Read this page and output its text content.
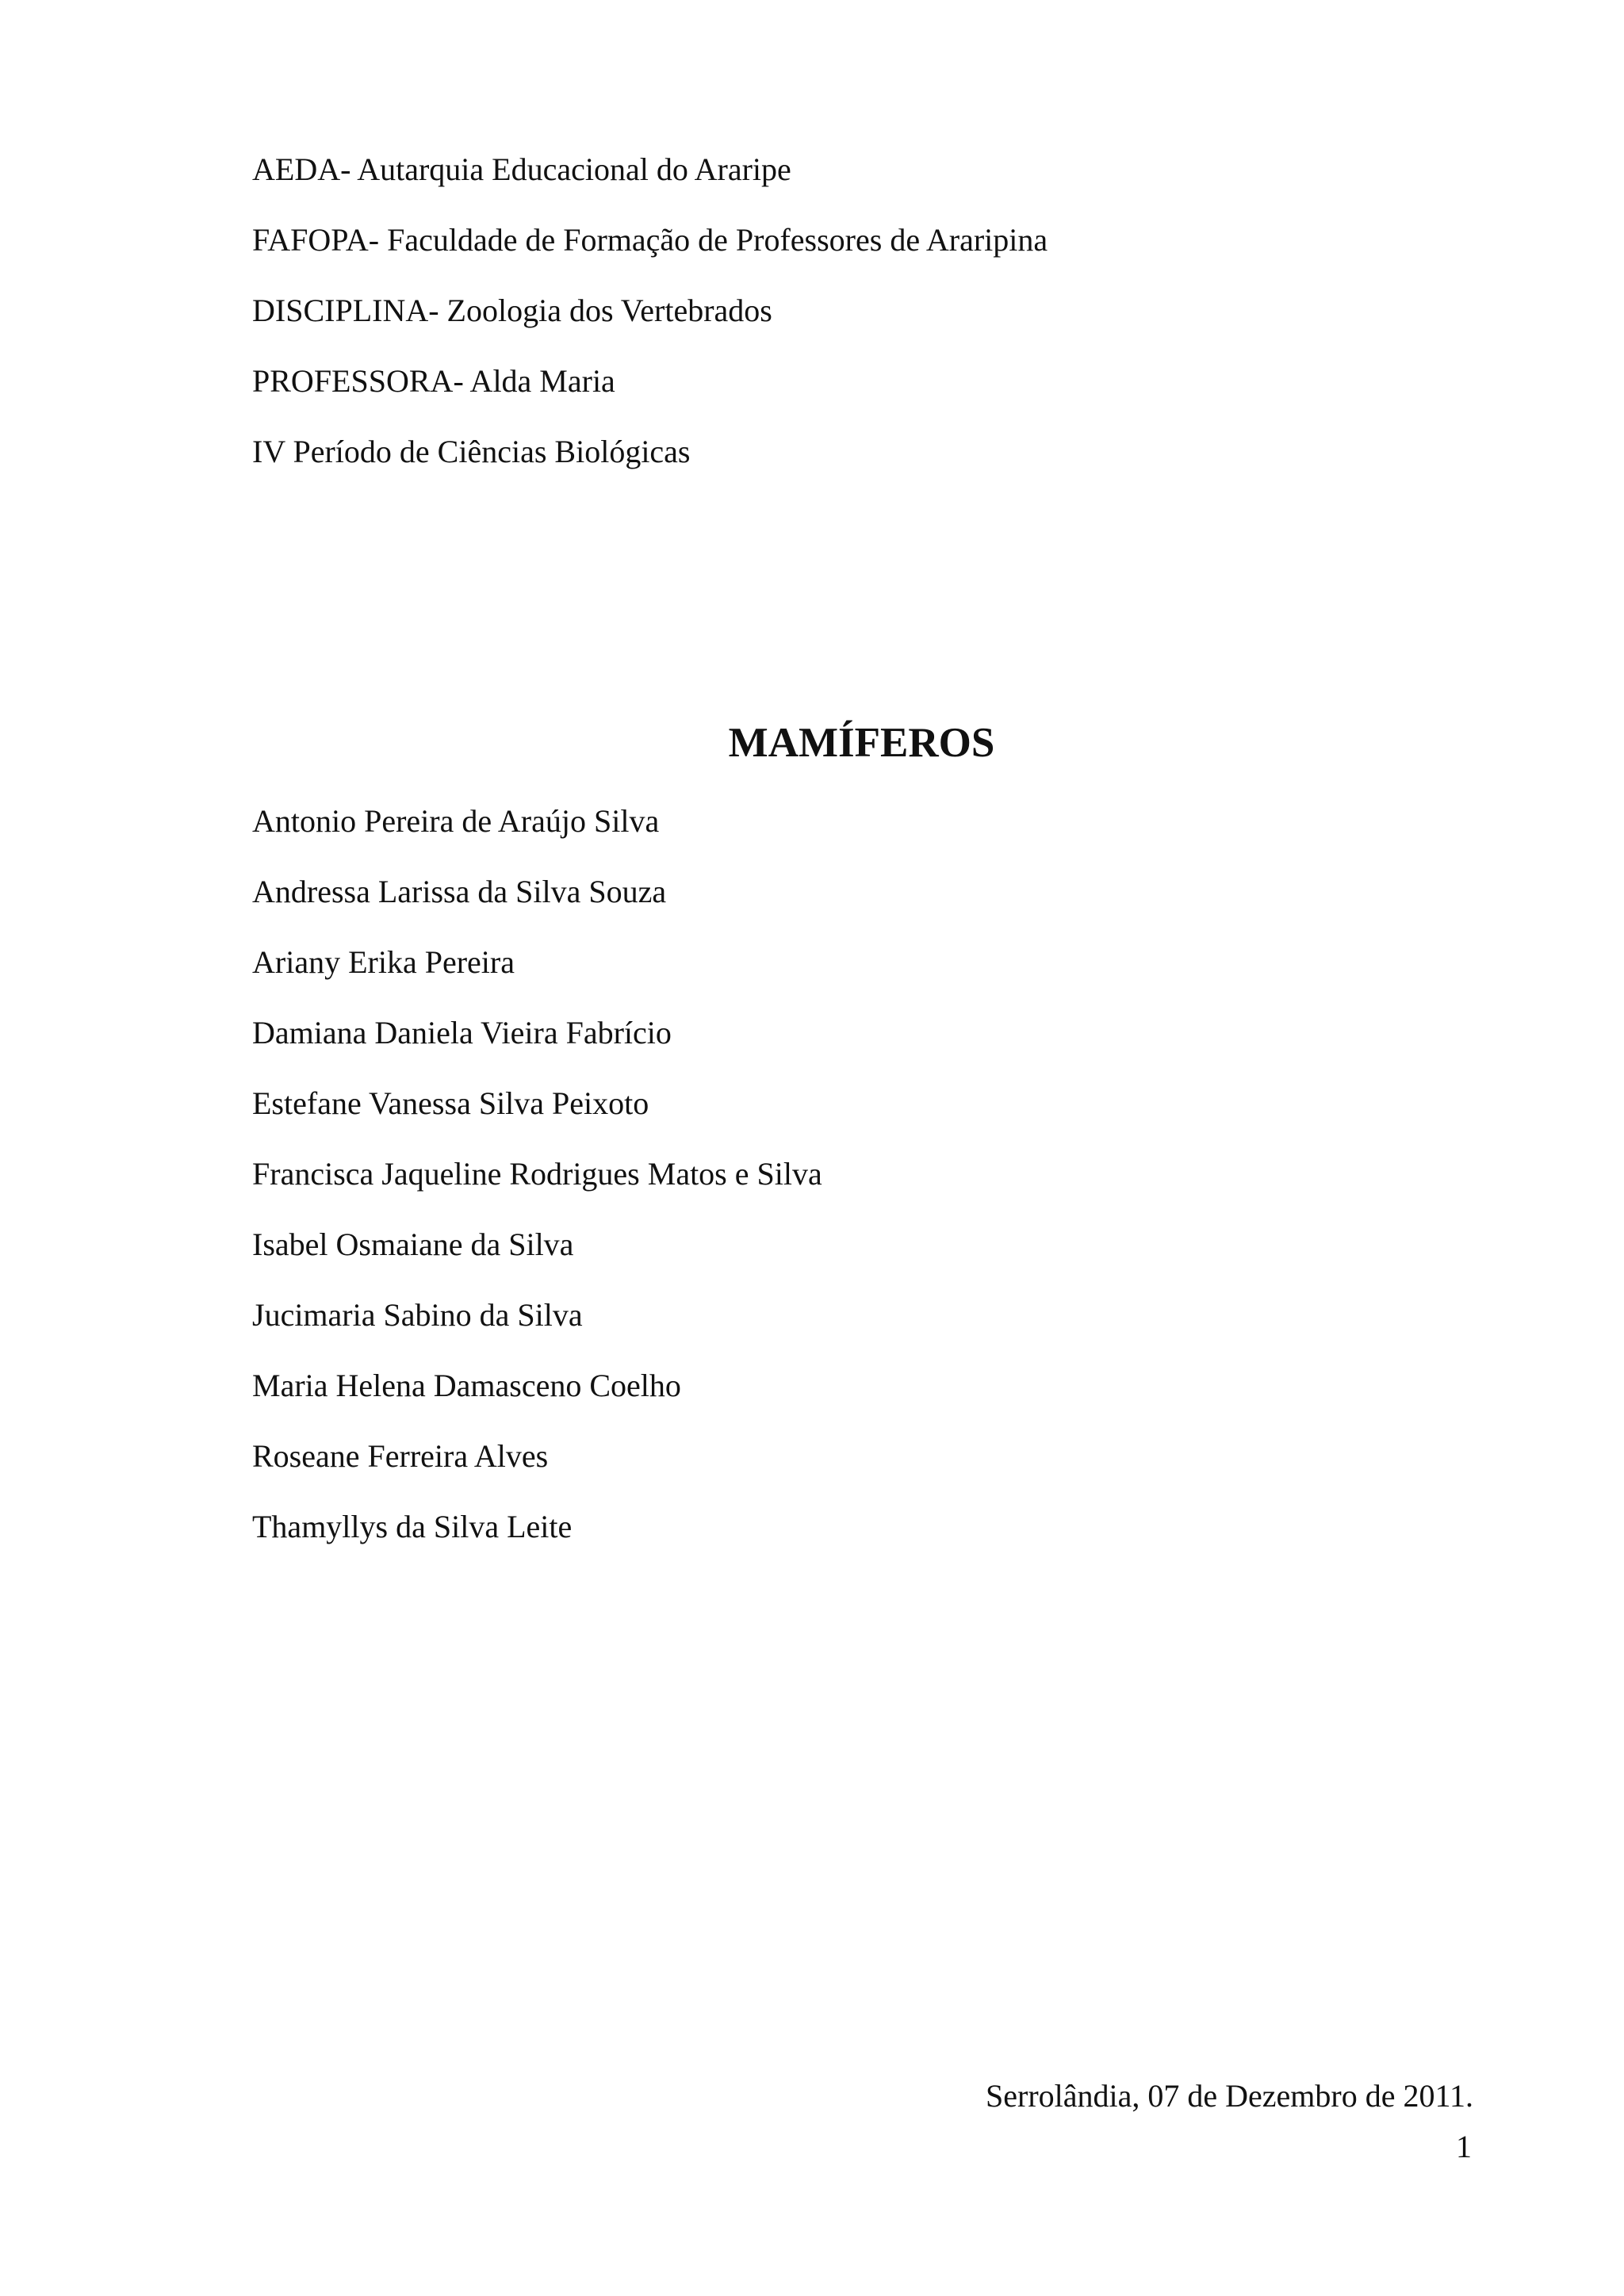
AEDA- Autarquia Educacional do Araripe

FAFOPA- Faculdade de Formação de Professores de Araripina

DISCIPLINA- Zoologia dos Vertebrados

PROFESSORA- Alda Maria

IV Período de Ciências Biológicas

MAMÍFEROS
Antonio Pereira de Araújo Silva
Andressa Larissa da Silva Souza
Ariany Erika Pereira
Damiana Daniela Vieira Fabrício
Estefane Vanessa Silva Peixoto
Francisca Jaqueline Rodrigues Matos e Silva
Isabel Osmaiane da Silva
Jucimaria Sabino da Silva
Maria Helena Damasceno Coelho
Roseane Ferreira Alves
Thamyllys da Silva Leite
Serrolândia, 07 de Dezembro de 2011.
1
